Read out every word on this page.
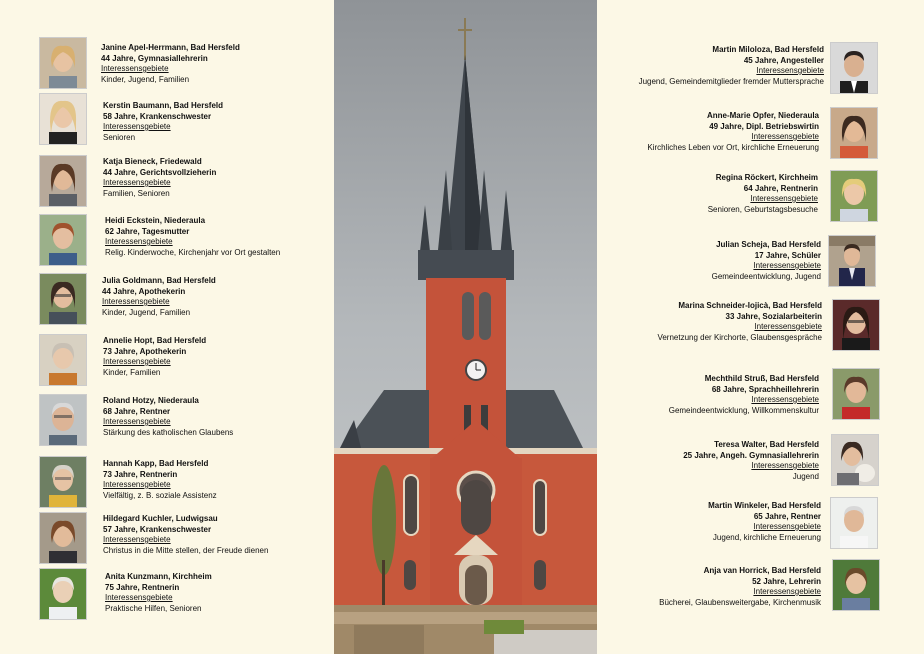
Janine Apel-Herrmann, Bad Hersfeld
44 Jahre, Gymnasiallehrerin
Interessensgebiete
Kinder, Jugend, Familien
Kerstin Baumann, Bad Hersfeld
58 Jahre, Krankenschwester
Interessensgebiete
Senioren
Katja Bieneck, Friedewald
44 Jahre, Gerichtsvollzieherin
Interessensgebiete
Familien, Senioren
Heidi Eckstein, Niederaula
62 Jahre, Tagesmutter
Interessensgebiete
Relig. Kinderwoche, Kirchenjahr vor Ort gestalten
Julia Goldmann, Bad Hersfeld
44 Jahre, Apothekerin
Interessensgebiete
Kinder, Jugend, Familien
Annelie Hopt, Bad Hersfeld
73 Jahre, Apothekerin
Interessensgebiete
Kinder, Familien
Roland Hotzy, Niederaula
68 Jahre, Rentner
Interessensgebiete
Stärkung des katholischen Glaubens
Hannah Kapp, Bad Hersfeld
73 Jahre, Rentnerin
Interessensgebiete
Vielfältig, z. B. soziale Assistenz
Hildegard Kuchler, Ludwigsau
57 Jahre, Krankenschwester
Interessensgebiete
Christus in die Mitte stellen, der Freude dienen
Anita Kunzmann, Kirchheim
75 Jahre, Rentnerin
Interessensgebiete
Praktische Hilfen, Senioren
Martin Miloloza, Bad Hersfeld
45 Jahre, Angesteller
Interessensgebiete
Jugend, Gemeindemitglieder fremder Muttersprache
Anne-Marie Opfer, Niederaula
49 Jahre, Dipl. Betriebswirtin
Interessensgebiete
Kirchliches Leben vor Ort, kirchliche Erneuerung
Regina Röckert, Kirchheim
64 Jahre, Rentnerin
Interessensgebiete
Senioren, Geburtstagsbesuche
Julian Scheja, Bad Hersfeld
17 Jahre, Schüler
Interessensgebiete
Gemeindeentwicklung, Jugend
Marina Schneider-Iojicà, Bad Hersfeld
33 Jahre, Sozialarbeiterin
Interessensgebiete
Vernetzung der Kirchorte, Glaubensgespräche
Mechthild Struß, Bad Hersfeld
68 Jahre, Sprachheillehrerin
Interessensgebiete
Gemeindeentwicklung, Willkommenskultur
Teresa Walter, Bad Hersfeld
25 Jahre, Angeh. Gymnasiallehrerin
Interessensgebiete
Jugend
Martin Winkeler, Bad Hersfeld
65 Jahre, Rentner
Interessensgebiete
Jugend, kirchliche Erneuerung
Anja van Horrick, Bad Hersfeld
52 Jahre, Lehrerin
Interessensgebiete
Bücherei, Glaubensweitergabe, Kirchenmusik
